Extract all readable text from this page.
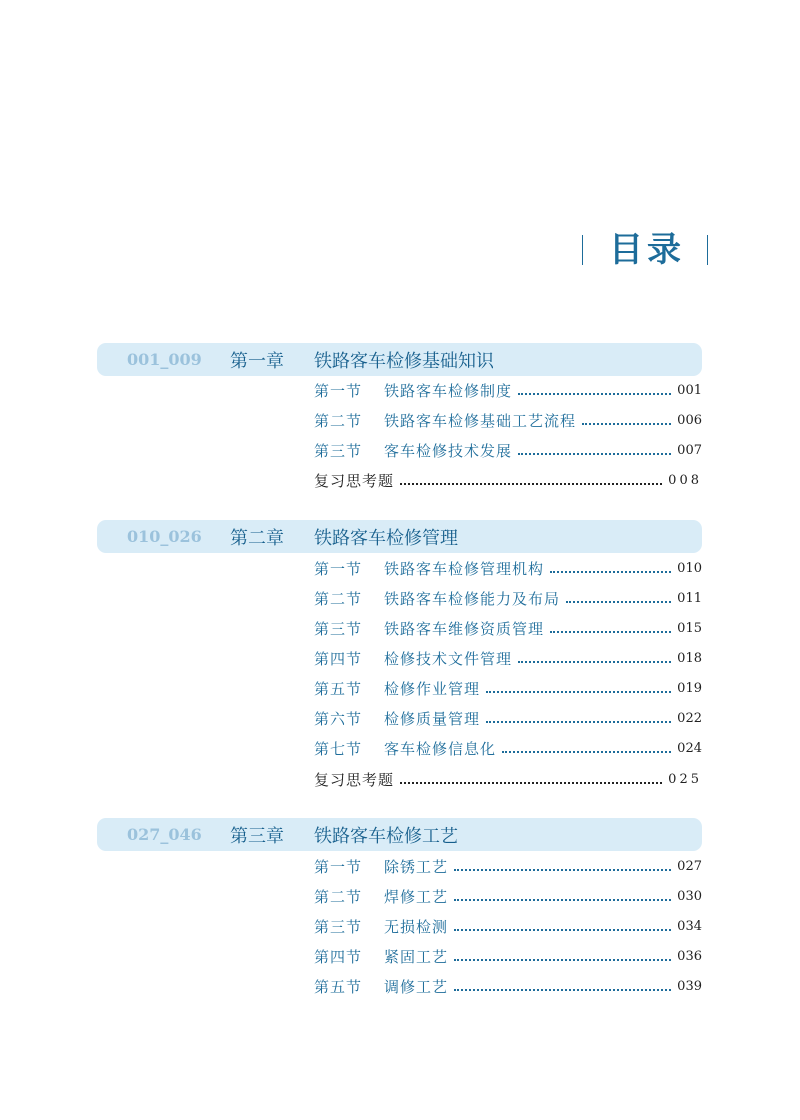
目录
001_009	第一章	铁路客车检修基础知识
第一节	铁路客车检修制度	001
第二节	铁路客车检修基础工艺流程	006
第三节	客车检修技术发展	007
复习思考题	008
010_026	第二章	铁路客车检修管理
第一节	铁路客车检修管理机构	010
第二节	铁路客车检修能力及布局	011
第三节	铁路客车维修资质管理	015
第四节	检修技术文件管理	018
第五节	检修作业管理	019
第六节	检修质量管理	022
第七节	客车检修信息化	024
复习思考题	025
027_046	第三章	铁路客车检修工艺
第一节	除锈工艺	027
第二节	焊修工艺	030
第三节	无损检测	034
第四节	紧固工艺	036
第五节	调修工艺	039
